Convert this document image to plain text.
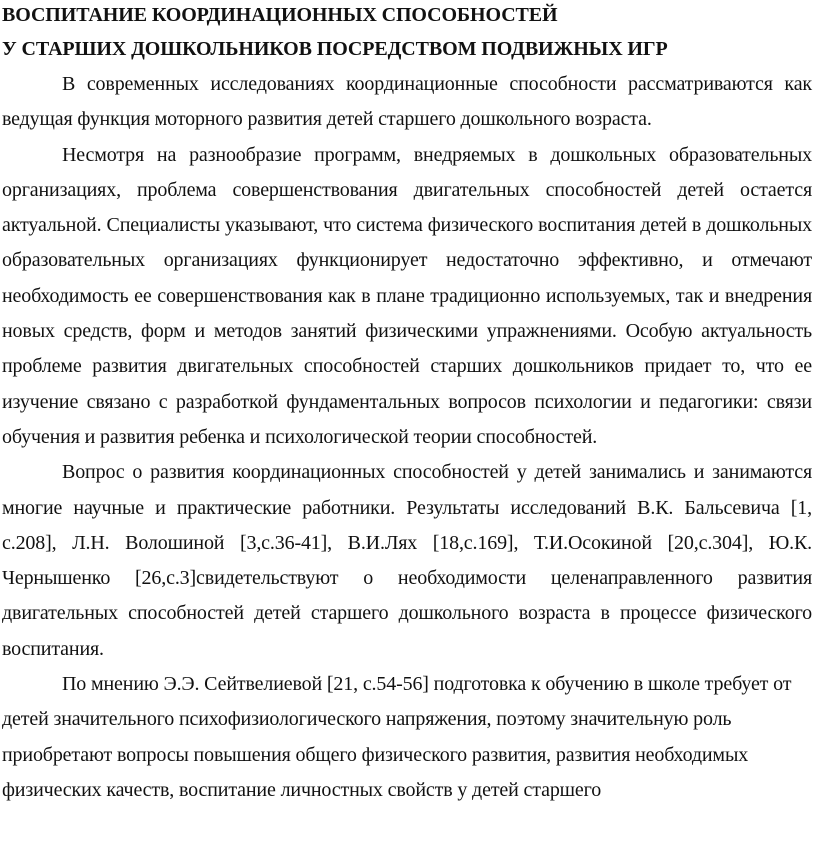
ВОСПИТАНИЕ КООРДИНАЦИОННЫХ СПОСОБНОСТЕЙ
У СТАРШИХ ДОШКОЛЬНИКОВ ПОСРЕДСТВОМ ПОДВИЖНЫХ ИГР

В современных исследованиях координационные способности рассматриваются как ведущая функция моторного развития детей старшего дошкольного возраста.

Несмотря на разнообразие программ, внедряемых в дошкольных образовательных организациях, проблема совершенствования двигательных способностей детей остается актуальной. Специалисты указывают, что система физического воспитания детей в дошкольных образовательных организациях функционирует недостаточно эффективно, и отмечают необходимость ее совершенствования как в плане традиционно используемых, так и внедрения новых средств, форм и методов занятий физическими упражнениями. Особую актуальность проблеме развития двигательных способностей старших дошкольников придает то, что ее изучение связано с разработкой фундаментальных вопросов психологии и педагогики: связи обучения и развития ребенка и психологической теории способностей.

Вопрос о развития координационных способностей у детей занимались и занимаются многие научные и практические работники. Результаты исследований В.К. Бальсевича [1, с.208], Л.Н. Волошиной [3,с.36-41], В.И.Лях [18,с.169], Т.И.Осокиной [20,с.304], Ю.К. Чернышенко [26,с.3]свидетельствуют о необходимости целенаправленного развития двигательных способностей детей старшего дошкольного возраста в процессе физического воспитания.

По мнению Э.Э. Сейтвелиевой [21, с.54-56] подготовка к обучению в школе требует от детей значительного психофизиологического напряжения, поэтому значительную роль приобретают вопросы повышения общего физического развития, развития необходимых физических качеств, воспитание личностных свойств у детей старшего
